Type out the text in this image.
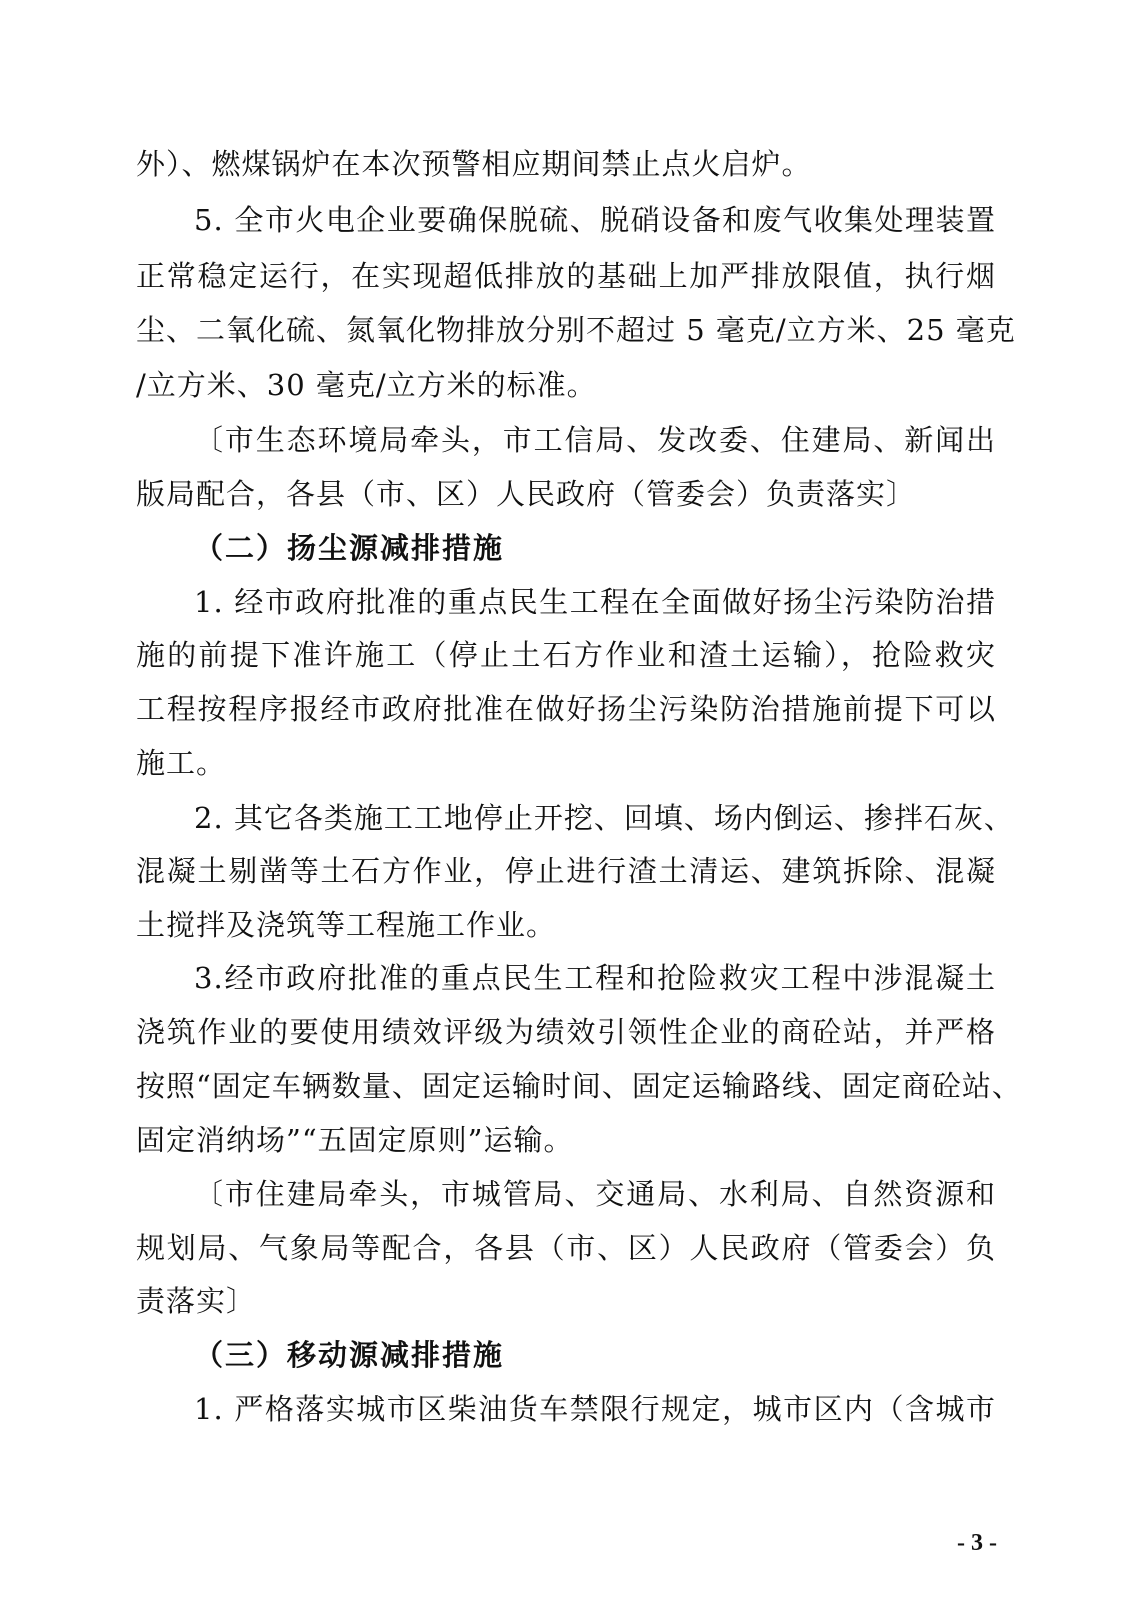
外）、燃煤锅炉在本次预警相应期间禁止点火启炉。
5. 全市火电企业要确保脱硫、脱硝设备和废气收集处理装置
正常稳定运行，在实现超低排放的基础上加严排放限值，执行烟
尘、二氧化硫、氮氧化物排放分别不超过 5 毫克/立方米、25 毫克
/立方米、30 毫克/立方米的标准。
〔市生态环境局牵头，市工信局、发改委、住建局、新闻出
版局配合，各县（市、区）人民政府（管委会）负责落实〕
（二）扬尘源减排措施
1. 经市政府批准的重点民生工程在全面做好扬尘污染防治措
施的前提下准许施工（停止土石方作业和渣土运输），抢险救灾
工程按程序报经市政府批准在做好扬尘污染防治措施前提下可以
施工。
2. 其它各类施工工地停止开挖、回填、场内倒运、掺拌石灰、
混凝土剔凿等土石方作业，停止进行渣土清运、建筑拆除、混凝
土搅拌及浇筑等工程施工作业。
3.经市政府批准的重点民生工程和抢险救灾工程中涉混凝土
浇筑作业的要使用绩效评级为绩效引领性企业的商砼站，并严格
按照“固定车辆数量、固定运输时间、固定运输路线、固定商砼站、
固定消纳场”“五固定原则”运输。
〔市住建局牵头，市城管局、交通局、水利局、自然资源和
规划局、气象局等配合，各县（市、区）人民政府（管委会）负
责落实〕
（三）移动源减排措施
1. 严格落实城市区柴油货车禁限行规定，城市区内（含城市
- 3 -
